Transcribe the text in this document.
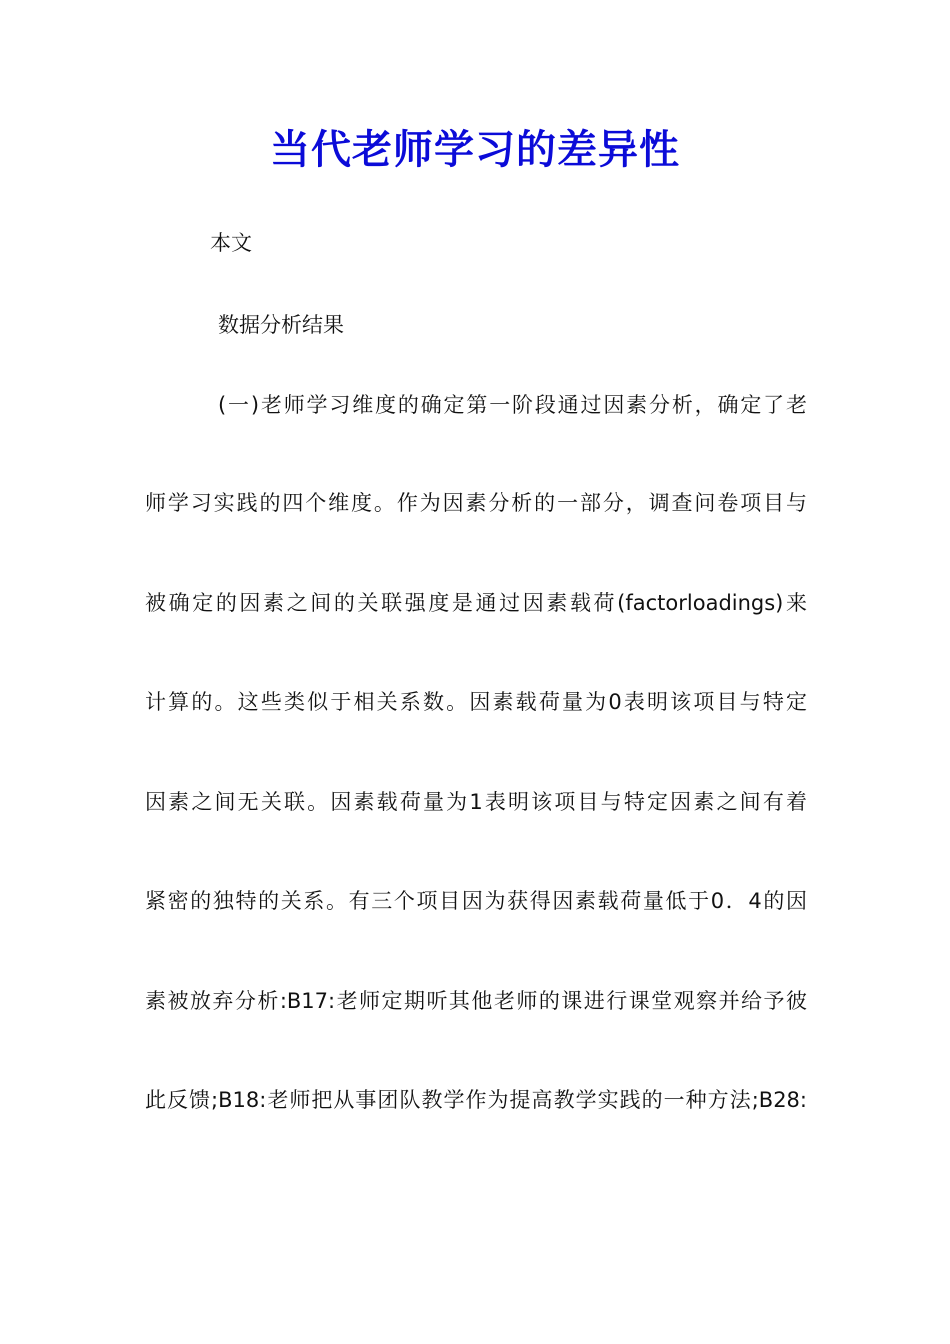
当代老师学习的差异性
本文
数据分析结果
(一)老师学习维度的确定第一阶段通过因素分析，确定了老
师学习实践的四个维度。作为因素分析的一部分，调查问卷项目与
被确定的因素之间的关联强度是通过因素载荷(factorloadings)来
计算的。这些类似于相关系数。因素载荷量为0表明该项目与特定
因素之间无关联。因素载荷量为1表明该项目与特定因素之间有着
紧密的独特的关系。有三个项目因为获得因素载荷量低于0．4的因
素被放弃分析:B17:老师定期听其他老师的课进行课堂观察并给予彼
此反馈;B18:老师把从事团队教学作为提高教学实践的一种方法;B28:
